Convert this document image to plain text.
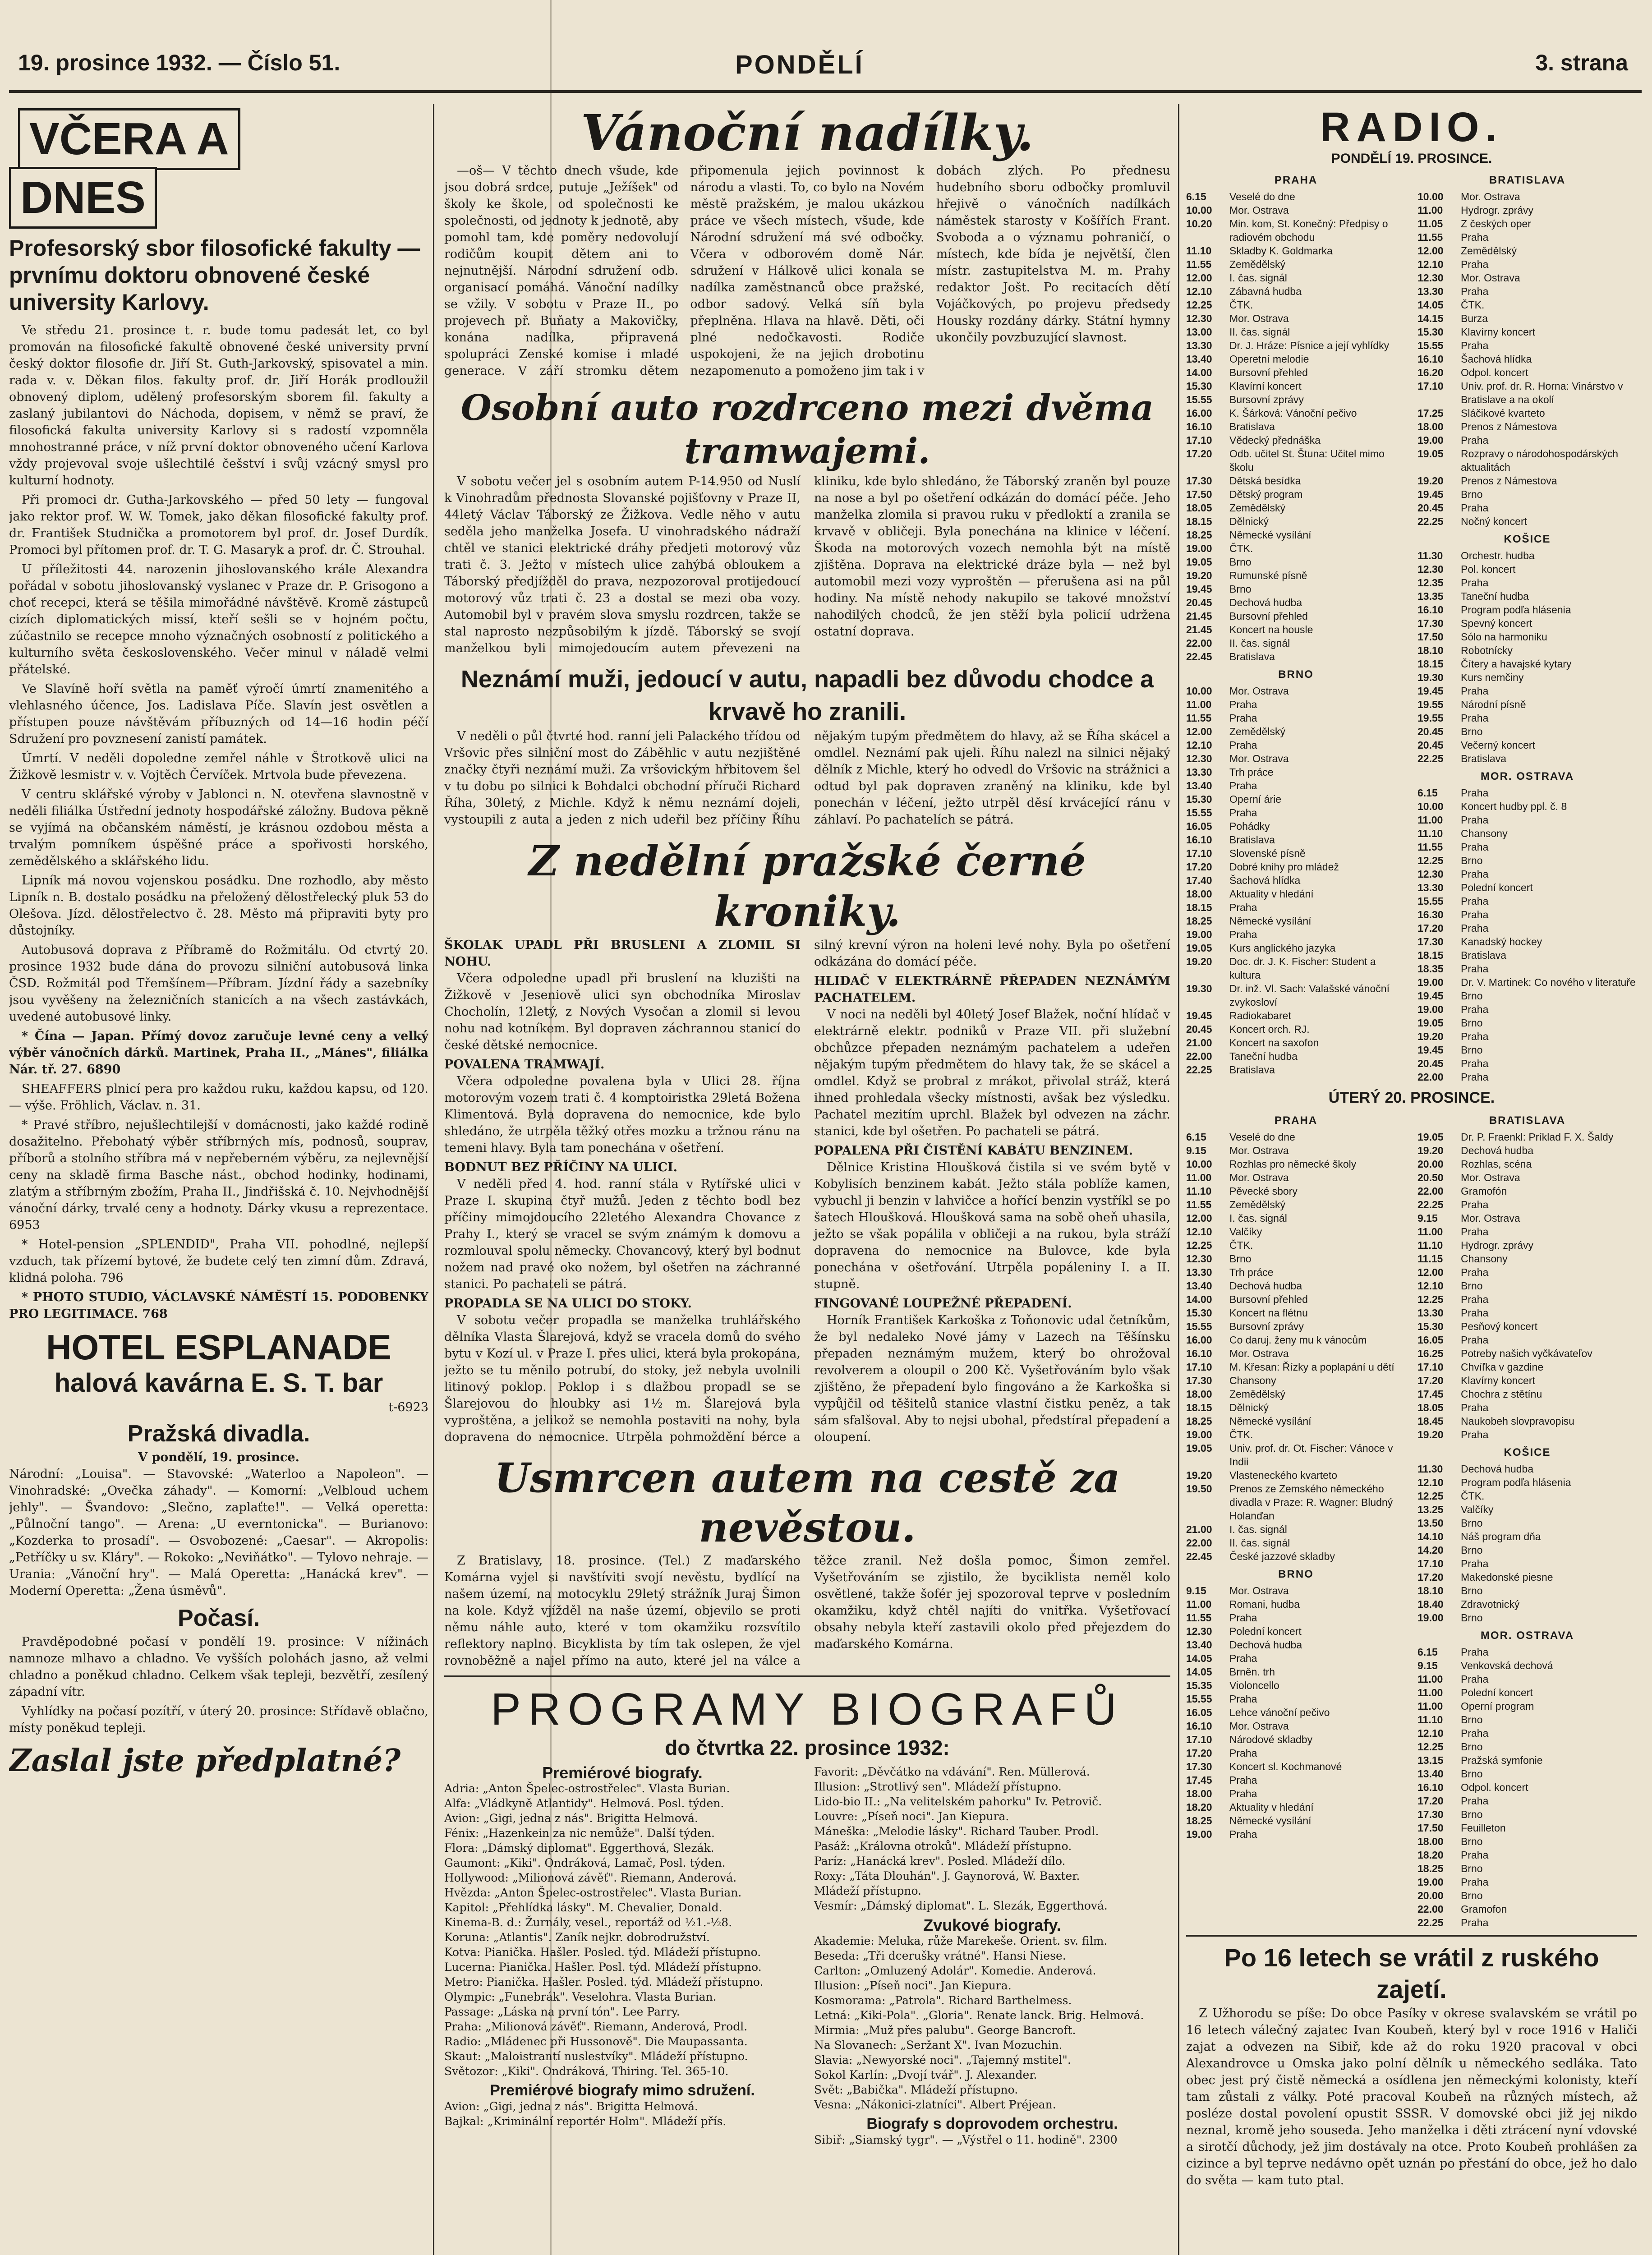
19. prosince 1932. — Číslo 51.	PONDĚLÍ	3. strana
VČERA A
DNES
Profesorský sbor filosofické fakulty — prvnímu doktoru obnovené české university Karlovy.

Ve středu 21. prosince t. r. bude tomu padesát let, co byl promován na filosofické fakultě obnovené české university první český doktor filosofie dr. Jiří St. Guth-Jarkovský, spisovatel a min. rada v. v. Děkan filos. fakulty prof. dr. Jiří Horák prodloužil obnovený diplom, udělený profesorským sborem fil. fakulty a zaslaný jubilantovi do Náchoda, dopisem, v němž se praví, že filosofická fakulta university Karlovy si s radostí vzpomněla mnohostranné práce, v níž první doktor obnoveného učení Karlova vždy projevoval svoje ušlechtilé češství i svůj vzácný smysl pro kulturní hodnoty.

Při promoci dr. Gutha-Jarkovského — před 50 lety — fungoval jako rektor prof. W. W. Tomek, jako děkan filosofické fakulty prof. dr. František Studnička a promotorem byl prof. dr. Josef Durdík. Promoci byl přítomen prof. dr. T. G. Masaryk a prof. dr. Č. Strouhal.

U příležitosti 44. narozenin jihoslovanského krále Alexandra pořádal v sobotu jihoslovanský vyslanec v Praze dr. P. Grisogono a choť recepci, která se těšila mimořádné návštěvě. Kromě zástupců cizích diplomatických missí, kteří sešli se v hojném počtu, zúčastnilo se recepce mnoho význačných osobností z politického a kulturního světa československého. Večer minul v náladě velmi přátelské.

Ve Slavíně hoří světla na paměť výročí úmrtí znamenitého a vlehlasného účence, Jos. Ladislava Píče. Slavín jest osvětlen a přístupen pouze návštěvám příbuzných od 14—16 hodin péčí Sdružení pro povznesení zanistí památek.

Úmrtí. V neděli dopoledne zemřel náhle v Štrotkově ulici na Žižkově lesmistr v. v. Vojtěch Červíček. Mrtvola bude převezena.

V centru sklářské výroby v Jablonci n. N. otevřena slavnostně v neděli filiálka Ústřední jednoty hospodářské záložny. Budova pěkně se vyjímá na občanském náměstí, je krásnou ozdobou města a trvalým pomníkem úspěšné práce a spořivosti horského, zemědělského a sklářského lidu.

Lipník má novou vojenskou posádku. Dne rozhodlo, aby město Lipník n. B. dostalo posádku na přeložený dělostřelecký pluk 53 do Olešova. Jízd. dělostřelectvo č. 28. Město má připraviti byty pro důstojníky.

Autobusová doprava z Příbramě do Rožmitálu. Od ctvrtý 20. prosince 1932 bude dána do provozu silniční autobusová linka ČSD. Rožmitál pod Třemšínem—Příbram. Jízdní řády a sazebníky jsou vyvěšeny na železničních stanicích a na všech zastávkách, uvedené autobusové linky.

* Čína — Japan. Přímý dovoz zaručuje levné ceny a velký výběr vánočních dárků. Martinek, Praha II., „Mánes", filiálka Nár. tř. 27. 6890

SHEAFFERS plnicí pera pro každou ruku, každou kapsu, od 120.— výše. Fröhlich, Václav. n. 31.

* Pravé stříbro, nejušlechtilejší v domácnosti, jako každé rodině dosažitelno. Přebohatý výběr stříbrných mís, podnosů, souprav, příborů a stolního stříbra má v nepřeberném výběru, za nejlevnější ceny na skladě firma Basche nást., obchod hodinky, hodinami, zlatým a stříbrným zbožím, Praha II., Jindřišská č. 10. Nejvhodnější vánoční dárky, trvalé ceny a hodnoty. Dárky vkusu a reprezentace. 6953

* Hotel-pension „SPLENDID", Praha VII. pohodlné, nejlepší vzduch, tak přízemí bytové, že budete celý ten zimní dům. Zdravá, klidná poloha. 796

* PHOTO STUDIO, VÁCLAVSKÉ NÁMĚSTÍ 15. PODOBENKY PRO LEGITIMACE. 768

HOTEL ESPLANADE
halová kavárna E. S. T. bar
t-6923
Pražská divadla.
V pondělí, 19. prosince.
Národní: „Louisa". — Stavovské: „Waterloo a Napoleon". — Vinohradské: „Ovečka záhady". — Komorní: „Velbloud uchem jehly". — Švandovo: „Slečno, zaplaťte!". — Velká operetta: „Půlnoční tango". — Arena: „U everntonicka". — Burianovo: „Kozderka to prosadí". — Osvobozené: „Caesar". — Akropolis: „Petříčky u sv. Kláry". — Rokoko: „Neviňátko". — Tylovo nehraje. — Urania: „Vánoční hry". — Malá Operetta: „Hanácká krev". — Moderní Operetta: „Žena úsměvů".
Počasí.

Pravděpodobné počasí v pondělí 19. prosince: V nížinách namnoze mlhavo a chladno. Ve vyšších polohách jasno, až velmi chladno a poněkud chladno. Celkem však tepleji, bezvětří, zesílený západní vítr.

Vyhlídky na počasí pozítří, v úterý 20. prosince: Střídavě oblačno, místy poněkud tepleji.

Zaslal jste předplatné?
Vánoční nadílky.

—oš— V těchto dnech všude, kde jsou dobrá srdce, putuje „Ježíšek" od školy ke škole, od společnosti ke společnosti, od jednoty k jednotě, aby pomohl tam, kde poměry nedovolují rodičům koupit dětem ani to nejnutnější. Národní sdružení odb. organisací pomáhá. Vánoční nadílky se vžily. V sobotu v Praze II., po projevech př. Buňaty a Makovičky, konána nadílka, připravená spolupráci Zenské komise i mladé generace. V září stromku dětem připomenula jejich povinnost k národu a vlasti. To, co bylo na Novém městě pražském, je malou ukázkou práce ve všech místech, všude, kde Národní sdružení má své odbočky. Včera v odborovém domě Nár. sdružení v Hálkově ulici konala se nadílka zaměstnanců obce pražské, odbor sadový. Velká síň byla přeplněna. Hlava na hlavě. Děti, oči plné nedočkavosti. Rodiče uspokojeni, že na jejich drobotinu nezapomenuto a pomoženo jim tak i v dobách zlých. Po přednesu hudebního sboru odbočky promluvil hřejivě o vánočních nadílkách náměstek starosty v Košířích Frant. Svoboda a o významu pohraničí, o místech, kde bída je největší, člen místr. zastupitelstva M. m. Prahy redaktor Jošt. Po recitacích dětí Vojáčkových, po projevu předsedy Housky rozdány dárky. Státní hymny ukončily povzbuzující slavnost.

Osobní auto rozdrceno mezi dvěma tramwajemi.

V sobotu večer jel s osobním autem P-14.950 od Nuslí k Vinohradům přednosta Slovanské pojišťovny v Praze II, 44letý Václav Táborský ze Žižkova. Vedle něho v autu seděla jeho manželka Josefa. U vinohradského nádraží chtěl ve stanici elektrické dráhy předjeti motorový vůz trati č. 3. Ježto v místech ulice zahýbá obloukem a Táborský předjížděl do prava, nezpozoroval protijedoucí motorový vůz trati č. 23 a dostal se mezi oba vozy. Automobil byl v pravém slova smyslu rozdrcen, takže se stal naprosto nezpůsobilým k jízdě. Táborský se svojí manželkou byli mimojedoucím autem převezeni na kliniku, kde bylo shledáno, že Táborský zraněn byl pouze na nose a byl po ošetření odkázán do domácí péče. Jeho manželka zlomila si pravou ruku v předloktí a zranila se krvavě v obličeji. Byla ponechána na klinice v léčení. Škoda na motorových vozech nemohla být na místě zjištěna. Doprava na elektrické dráze byla — než byl automobil mezi vozy vyproštěn — přerušena asi na půl hodiny. Na místě nehody nakupilo se takové množství nahodilých chodců, že jen stěží byla policií udržena ostatní doprava.

Neznámí muži, jedoucí v autu, napadli bez důvodu chodce a krvavě ho zranili.

V neděli o půl čtvrté hod. ranní jeli Palackého třídou od Vršovic přes silniční most do Záběhlic v autu nezjištěné značky čtyři neznámí muži. Za vršovickým hřbitovem šel v tu dobu po silnici k Bohdalci obchodní příruči Richard Říha, 30letý, z Michle. Když k němu neznámí dojeli, vystoupili z auta a jeden z nich udeřil bez příčiny Říhu nějakým tupým předmětem do hlavy, až se Říha skácel a omdlel. Neznámí pak ujeli. Říhu nalezl na silnici nějaký dělník z Michle, který ho odvedl do Vršovic na strážnici a odtud byl pak dopraven zraněný na kliniku, kde byl ponechán v léčení, ježto utrpěl děsí krvácející ránu v záhlaví. Po pachatelích se pátrá.

Z nedělní pražské černé kroniky.
ŠKOLAK UPADL PŘI BRUSLENI A ZLOMIL SI NOHU.

Včera odpoledne upadl při bruslení na kluzišti na Žižkově v Jeseniově ulici syn obchodníka Miroslav Chocholín, 12letý, z Nových Vysočan a zlomil si levou nohu nad kotníkem. Byl dopraven záchrannou stanicí do české dětské nemocnice.

POVALENA TRAMWAJÍ.

Včera odpoledne povalena byla v Ulici 28. října motorovým vozem trati č. 4 komptoiristka 29letá Božena Klimentová. Byla dopravena do nemocnice, kde bylo shledáno, že utrpěla těžký otřes mozku a tržnou ránu na temeni hlavy. Byla tam ponechána v ošetření.

BODNUT BEZ PŘÍČINY NA ULICI.

V neděli před 4. hod. ranní stála v Rytířské ulici v Praze I. skupina čtyř mužů. Jeden z těchto bodl bez příčiny mimojdoucího 22letého Alexandra Chovance z Prahy I., který se vracel se svým známým k domovu a rozmlouval spolu německy. Chovancový, který byl bodnut nožem nad pravé oko nožem, byl ošetřen na záchranné stanici. Po pachateli se pátrá.

PROPADLA SE NA ULICI DO STOKY.

V sobotu večer propadla se manželka truhlářského dělníka Vlasta Šlarejová, když se vracela domů do svého bytu v Kozí ul. v Praze I. přes ulici, která byla prokopána, ježto se tu měnilo potrubí, do stoky, jež nebyla uvolnili litinový poklop. Poklop i s dlažbou propadl se se Šlarejovou do hloubky asi 1½ m. Šlarejová byla vyproštěna, a jelikož se nemohla postaviti na nohy, byla dopravena do nemocnice. Utrpěla pohmoždění bérce a silný krevní výron na holeni levé nohy. Byla po ošetření odkázána do domácí péče.

HLIDAČ V ELEKTRÁRNĚ PŘEPADEN NEZNÁMÝM PACHATELEM.

V noci na neděli byl 40letý Josef Blažek, noční hlídač v elektrárně elektr. podniků v Praze VII. při služební obchůzce přepaden neznámým pachatelem a udeřen nějakým tupým předmětem do hlavy tak, že se skácel a omdlel. Když se probral z mrákot, přivolal stráž, která ihned prohledala všecky místnosti, avšak bez výsledku. Pachatel mezitím uprchl. Blažek byl odvezen na záchr. stanici, kde byl ošetřen. Po pachateli se pátrá.

POPALENA PŘI ČISTĚNÍ KABÁTU BENZINEM.

Dělnice Kristina Hloušková čistila si ve svém bytě v Kobylisích benzinem kabát. Ježto stála poblíže kamen, vybuchl ji benzin v lahvičce a hořící benzin vystříkl se po šatech Hloušková. Hloušková sama na sobě oheň uhasila, ježto se však popálila v obličeji a na rukou, byla stráží dopravena do nemocnice na Bulovce, kde byla ponechána v ošetřování. Utrpěla popáleniny I. a II. stupně.

FINGOVANÉ LOUPEŽNÉ PŘEPADENÍ.

Horník František Karkoška z Toňonovic udal četníkům, že byl nedaleko Nové jámy v Lazech na Těšínsku přepaden neznámým mužem, který bo ohrožoval revolverem a oloupil o 200 Kč. Vyšetřováním bylo však zjištěno, že přepadení bylo fingováno a že Karkoška si vypůjčil od těšitelů stanice vlastní čistku peněz, a tak sám sfalšoval. Aby to nejsi ubohal, předstíral přepadení a oloupení.

Usmrcen autem na cestě za nevěstou.

Z Bratislavy, 18. prosince. (Tel.) Z maďarského Komárna vyjel si navštíviti svojí nevěstu, bydlící na našem území, na motocyklu 29letý strážník Juraj Šimon na kole. Když vjížděl na naše území, objevilo se proti němu náhle auto, které v tom okamžiku rozsvítilo reflektory naplno. Bicyklista by tím tak oslepen, že vjel rovnoběžně a najel přímo na auto, které jel na válce a těžce zranil. Než došla pomoc, Šimon zemřel. Vyšetřováním se zjistilo, že byciklista neměl kolo osvětlené, takže šofér jej spozoroval teprve v posledním okamžiku, když chtěl najíti do vnitřka. Vyšetřovací obsahy nebyla kteří zastavili okolo před přejezdem do maďarského Komárna.

PROGRAMY BIOGRAFŮ
do čtvrtka 22. prosince 1932:
Premiérové biografy.
Adria: „Anton Špelec-ostrostřelec". Vlasta Burian.
Alfa: „Vládkyně Atlantidy". Helmová. Posl. týden.
Avion: „Gigi, jedna z nás". Brigitta Helmová.
Fénix: „Hazenkein za nic nemůže". Další týden.
Flora: „Dámský diplomat". Eggerthová, Slezák.
Gaumont: „Kiki". Ondráková, Lamač, Posl. týden.
Hollywood: „Milionová závěť". Riemann, Anderová.
Hvězda: „Anton Špelec-ostrostřelec". Vlasta Burian.
Kapitol: „Přehlídka lásky". M. Chevalier, Donald.
Kinema-B. d.: Žurnály, vesel., reportáž od ½1.-½8.
Koruna: „Atlantis". Zaník nejkr. dobrodružství.
Kotva: Pianička. Hašler. Posled. týd. Mládeží přístupno.
Lucerna: Pianička. Hašler. Posl. týd. Mládeží přístupno.
Metro: Pianička. Hašler. Posled. týd. Mládeží přístupno.
Olympic: „Funebrák". Veselohra. Vlasta Burian.
Passage: „Láska na první tón". Lee Parry.
Praha: „Milionová závěť". Riemann, Anderová, Prodl.
Radio: „Mládenec při Hussonově". Die Maupassanta.
Skaut: „Maloistrantí nuslestvíky". Mládeží přístupno.
Světozor: „Kiki". Ondráková, Thiring. Tel. 365-10.
Premiérové biografy mimo sdružení.
Avion: „Gigi, jedna z nás". Brigitta Helmová.
Bajkal: „Kriminální reportér Holm". Mládeží přís.
Favorit: „Děvčátko na vdávání". Ren. Müllerová.
Illusion: „Strotlivý sen". Mládeží přístupno.
Lido-bio II.: „Na velitelském pahorku" Iv. Petrovič.
Louvre: „Píseň noci". Jan Kiepura.
Máneška: „Melodie lásky". Richard Tauber. Prodl.
Pasáž: „Královna otroků". Mládeží přístupno.
Paríz: „Hanácká krev". Posled. Mládeží dílo.
Roxy: „Táta Dlouhán". J. Gaynorová, W. Baxter.
Mládeží přístupno.
Vesmír: „Dámský diplomat". L. Slezák, Eggerthová.
Zvukové biografy.
Akademie: Meluka, růže Marekeše. Orient. sv. film.
Beseda: „Tři dcerušky vrátné". Hansi Niese.
Carlton: „Omluzený Adolár". Komedie. Anderová.
Illusion: „Píseň noci". Jan Kiepura.
Kosmorama: „Patrola". Richard Barthelmess.
Letná: „Kiki-Pola". „Gloria". Renate lanck. Brig. Helmová.
Mirmia: „Muž přes palubu". George Bancroft.
Na Slovanech: „Seržant X". Ivan Mozuchin.
Slavia: „Newyorské noci". „Tajemný mstitel".
Sokol Karlín: „Dvojí tvář". J. Alexander.
Svět: „Babička". Mládeží přístupno.
Vesna: „Nákonici-zlatníci". Albert Préjean.
Biografy s doprovodem orchestru.
Sibiř: „Siamský tygr". — „Výstřel o 11. hodině". 2300
RADIO.
PONDĚLÍ 19. PROSINCE.
PRAHA
6.15	Veselé do dne
10.00	Mor. Ostrava
10.20	Min. kom, St. Konečný: Předpisy o radiovém obchodu
11.10	Skladby K. Goldmarka
11.55	Zemědělský
12.00	I. čas. signál
12.10	Zábavná hudba
12.25	ČTK.
12.30	Mor. Ostrava
13.00	II. čas. signál
13.30	Dr. J. Hráze: Písnice a její vyhlídky
13.40	Operetní melodie
14.00	Bursovní přehled
15.30	Klavírní koncert
15.55	Bursovní zprávy
16.00	K. Šárková: Vánoční pečivo
16.10	Bratislava
17.10	Vědecký přednáška
17.20	Odb. učitel St. Štuna: Učitel mimo školu
17.30	Dětská besídka
17.50	Dětský program
18.05	Zemědělský
18.15	Dělnický
18.25	Německé vysílání
19.00	ČTK.
19.05	Brno
19.20	Rumunské písně
19.45	Brno
20.45	Dechová hudba
21.45	Bursovní přehled
21.45	Koncert na housle
22.00	II. čas. signál
22.45	Bratislava
BRNO
10.00	Mor. Ostrava
11.00	Praha
11.55	Praha
12.00	Zemědělský
12.10	Praha
12.30	Mor. Ostrava
13.30	Trh práce
13.40	Praha
15.30	Operní árie
15.55	Praha
16.05	Pohádky
16.10	Bratislava
17.10	Slovenské písně
17.20	Dobré knihy pro mládež
17.40	Šachová hlídka
18.00	Aktuality v hledání
18.15	Praha
18.25	Německé vysílání
19.00	Praha
19.05	Kurs anglického jazyka
19.20	Doc. dr. J. K. Fischer: Student a kultura
19.30	Dr. inž. Vl. Sach: Valašské vánoční zvykosloví
19.45	Radiokabaret
20.45	Koncert orch. RJ.
21.00	Koncert na saxofon
22.00	Taneční hudba
22.25	Bratislava
BRATISLAVA
10.00	Mor. Ostrava
11.00	Hydrogr. zprávy
11.05	Z českých oper
11.55	Praha
12.00	Zemědělský
12.10	Praha
12.30	Mor. Ostrava
13.30	Praha
14.05	ČTK.
14.15	Burza
15.30	Klavírny koncert
15.55	Praha
16.10	Šachová hlídka
16.20	Odpol. koncert
17.10	Univ. prof. dr. R. Horna: Vinárstvo v Bratislave a na okolí
17.25	Sláčikové kvarteto
18.00	Prenos z Námestova
19.00	Praha
19.05	Rozpravy o národohospodárských aktualitách
19.20	Prenos z Námestova
19.45	Brno
20.45	Praha
22.25	Nočný koncert
KOŠICE
11.30	Orchestr. hudba
12.30	Pol. koncert
12.35	Praha
13.35	Taneční hudba
16.10	Program podľa hlásenia
17.30	Spevný koncert
17.50	Sólo na harmoniku
18.10	Robotnícky
18.15	Čítery a havajské kytary
19.30	Kurs nemčiny
19.45	Praha
19.55	Národní písně
19.55	Praha
20.45	Brno
20.45	Večerný koncert
22.25	Bratislava
MOR. OSTRAVA
6.15	Praha
10.00	Koncert hudby ppl. č. 8
11.00	Praha
11.10	Chansony
11.55	Praha
12.25	Brno
12.30	Praha
13.30	Polední koncert
15.55	Praha
16.30	Praha
17.20	Praha
17.30	Kanadský hockey
18.15	Bratislava
18.35	Praha
19.00	Dr. V. Martinek: Co nového v literatuře
19.45	Brno
19.00	Praha
19.05	Brno
19.20	Praha
19.45	Brno
20.45	Praha
22.00	Praha
ÚTERÝ 20. PROSINCE.
PRAHA
6.15	Veselé do dne
9.15	Mor. Ostrava
10.00	Rozhlas pro německé školy
11.00	Mor. Ostrava
11.10	Pěvecké sbory
11.55	Zemědělský
12.00	I. čas. signál
12.10	Valčíky
12.25	ČTK.
12.30	Brno
13.30	Trh práce
13.40	Dechová hudba
14.00	Bursovní přehled
15.30	Koncert na flétnu
15.55	Bursovní zprávy
16.00	Co daruj. ženy mu k vánocům
16.10	Mor. Ostrava
17.10	M. Křesan: Řízky a poplapání u dětí
17.30	Chansony
18.00	Zemědělský
18.15	Dělnický
18.25	Německé vysílání
19.00	ČTK.
19.05	Univ. prof. dr. Ot. Fischer: Vánoce v Indii
19.20	Vlasteneckého kvarteto
19.50	Prenos ze Zemského německého divadla v Praze: R. Wagner: Bludný Holanďan
21.00	I. čas. signál
22.00	II. čas. signál
22.45	České jazzové skladby
BRNO
9.15	Mor. Ostrava
11.00	Romani, hudba
11.55	Praha
12.30	Polední koncert
13.40	Dechová hudba
14.05	Praha
14.05	Brněn. trh
15.35	Violoncello
15.55	Praha
16.05	Lehce vánoční pečivo
16.10	Mor. Ostrava
17.10	Národové skladby
17.20	Praha
17.30	Koncert sl. Kochmanové
17.45	Praha
18.00	Praha
18.20	Aktuality v hledání
18.25	Německé vysílání
19.00	Praha
BRATISLAVA
19.05	Dr. P. Fraenkl: Príklad F. X. Šaldy
19.20	Dechová hudba
20.00	Rozhlas, scéna
20.50	Mor. Ostrava
22.00	Gramofón
22.25	Praha
9.15	Mor. Ostrava
11.00	Praha
11.10	Hydrogr. zprávy
11.15	Chansony
12.00	Praha
12.10	Brno
12.25	Praha
13.30	Praha
15.30	Pesňový koncert
16.05	Praha
16.25	Potreby našich vyčkávateľov
17.10	Chvíľka v gazdine
17.20	Klavírny koncert
17.45	Chochra z stětínu
18.05	Praha
18.45	Naukobeh slovpravopisu
19.20	Praha
KOŠICE
11.30	Dechová hudba
12.10	Program podľa hlásenia
12.25	ČTK.
13.25	Valčíky
13.50	Brno
14.10	Náš program dňa
14.20	Brno
17.10	Praha
17.20	Makedonské piesne
18.10	Brno
18.40	Zdravotnický
19.00	Brno
MOR. OSTRAVA
6.15	Praha
9.15	Venkovská dechová
11.00	Praha
11.00	Polední koncert
11.00	Operní program
11.10	Brno
12.10	Praha
12.25	Brno
13.15	Pražská symfonie
13.40	Brno
16.10	Odpol. koncert
17.20	Praha
17.30	Brno
17.50	Feuilleton
18.00	Brno
18.20	Praha
18.25	Brno
19.00	Praha
20.00	Brno
22.00	Gramofon
22.25	Praha
Po 16 letech se vrátil z ruského zajetí.

Z Užhorodu se píše: Do obce Pasíky v okrese svalavském se vrátil po 16 letech válečný zajatec Ivan Koubeň, který byl v roce 1916 v Haliči zajat a odvezen na Sibiř, kde až do roku 1920 pracoval v obci Alexandrovce u Omska jako polní dělník u německého sedláka. Tato obec jest prý čistě německá a osídlena jen německými kolonisty, kteří tam zůstali z války. Poté pracoval Koubeň na různých místech, až posléze dostal povolení opustit SSSR. V domovské obci již jej nikdo neznal, kromě jeho souseda. Jeho manželka i děti ztrácení nyní vdovské a sirotčí důchody, jež jim dostávaly na otce. Proto Koubeň prohlášen za cizince a byl teprve nedávno opět uznán po přestání do obce, jež ho dalo do světa — kam tuto ptal.
